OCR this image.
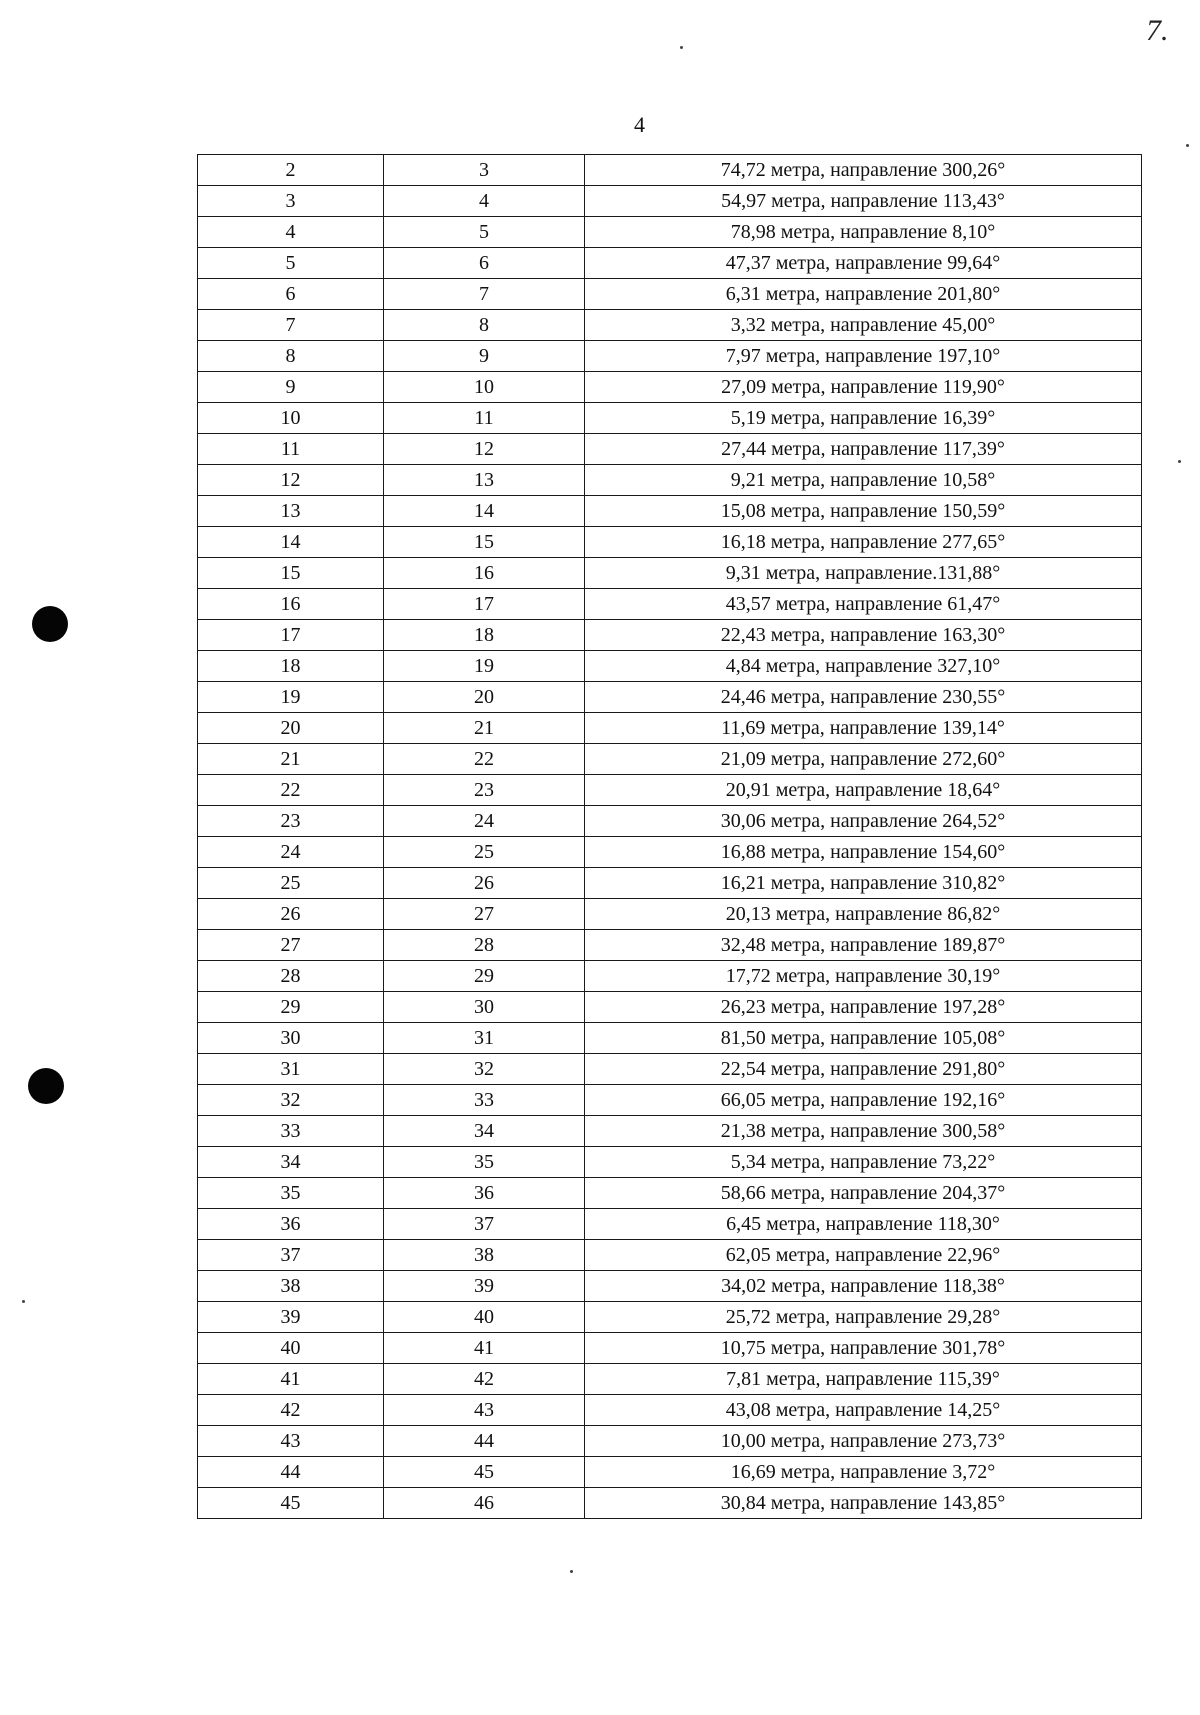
7.
4
2	3	74,72 метра, направление 300,26°
3	4	54,97 метра, направление 113,43°
4	5	78,98 метра, направление 8,10°
5	6	47,37 метра, направление 99,64°
6	7	6,31 метра, направление 201,80°
7	8	3,32 метра, направление 45,00°
8	9	7,97 метра, направление 197,10°
9	10	27,09 метра, направление 119,90°
10	11	5,19 метра, направление 16,39°
11	12	27,44 метра, направление 117,39°
12	13	9,21 метра, направление 10,58°
13	14	15,08 метра, направление 150,59°
14	15	16,18 метра, направление 277,65°
15	16	9,31 метра, направление.131,88°
16	17	43,57 метра, направление 61,47°
17	18	22,43 метра, направление 163,30°
18	19	4,84 метра, направление 327,10°
19	20	24,46 метра, направление 230,55°
20	21	11,69 метра, направление 139,14°
21	22	21,09 метра, направление 272,60°
22	23	20,91 метра, направление 18,64°
23	24	30,06 метра, направление 264,52°
24	25	16,88 метра, направление 154,60°
25	26	16,21 метра, направление 310,82°
26	27	20,13 метра, направление 86,82°
27	28	32,48 метра, направление 189,87°
28	29	17,72 метра, направление 30,19°
29	30	26,23 метра, направление 197,28°
30	31	81,50 метра, направление 105,08°
31	32	22,54 метра, направление 291,80°
32	33	66,05 метра, направление 192,16°
33	34	21,38 метра, направление 300,58°
34	35	5,34 метра, направление 73,22°
35	36	58,66 метра, направление 204,37°
36	37	6,45 метра, направление 118,30°
37	38	62,05 метра, направление 22,96°
38	39	34,02 метра, направление 118,38°
39	40	25,72 метра, направление 29,28°
40	41	10,75 метра, направление 301,78°
41	42	7,81 метра, направление 115,39°
42	43	43,08 метра, направление 14,25°
43	44	10,00 метра, направление 273,73°
44	45	16,69 метра, направление 3,72°
45	46	30,84 метра, направление 143,85°
